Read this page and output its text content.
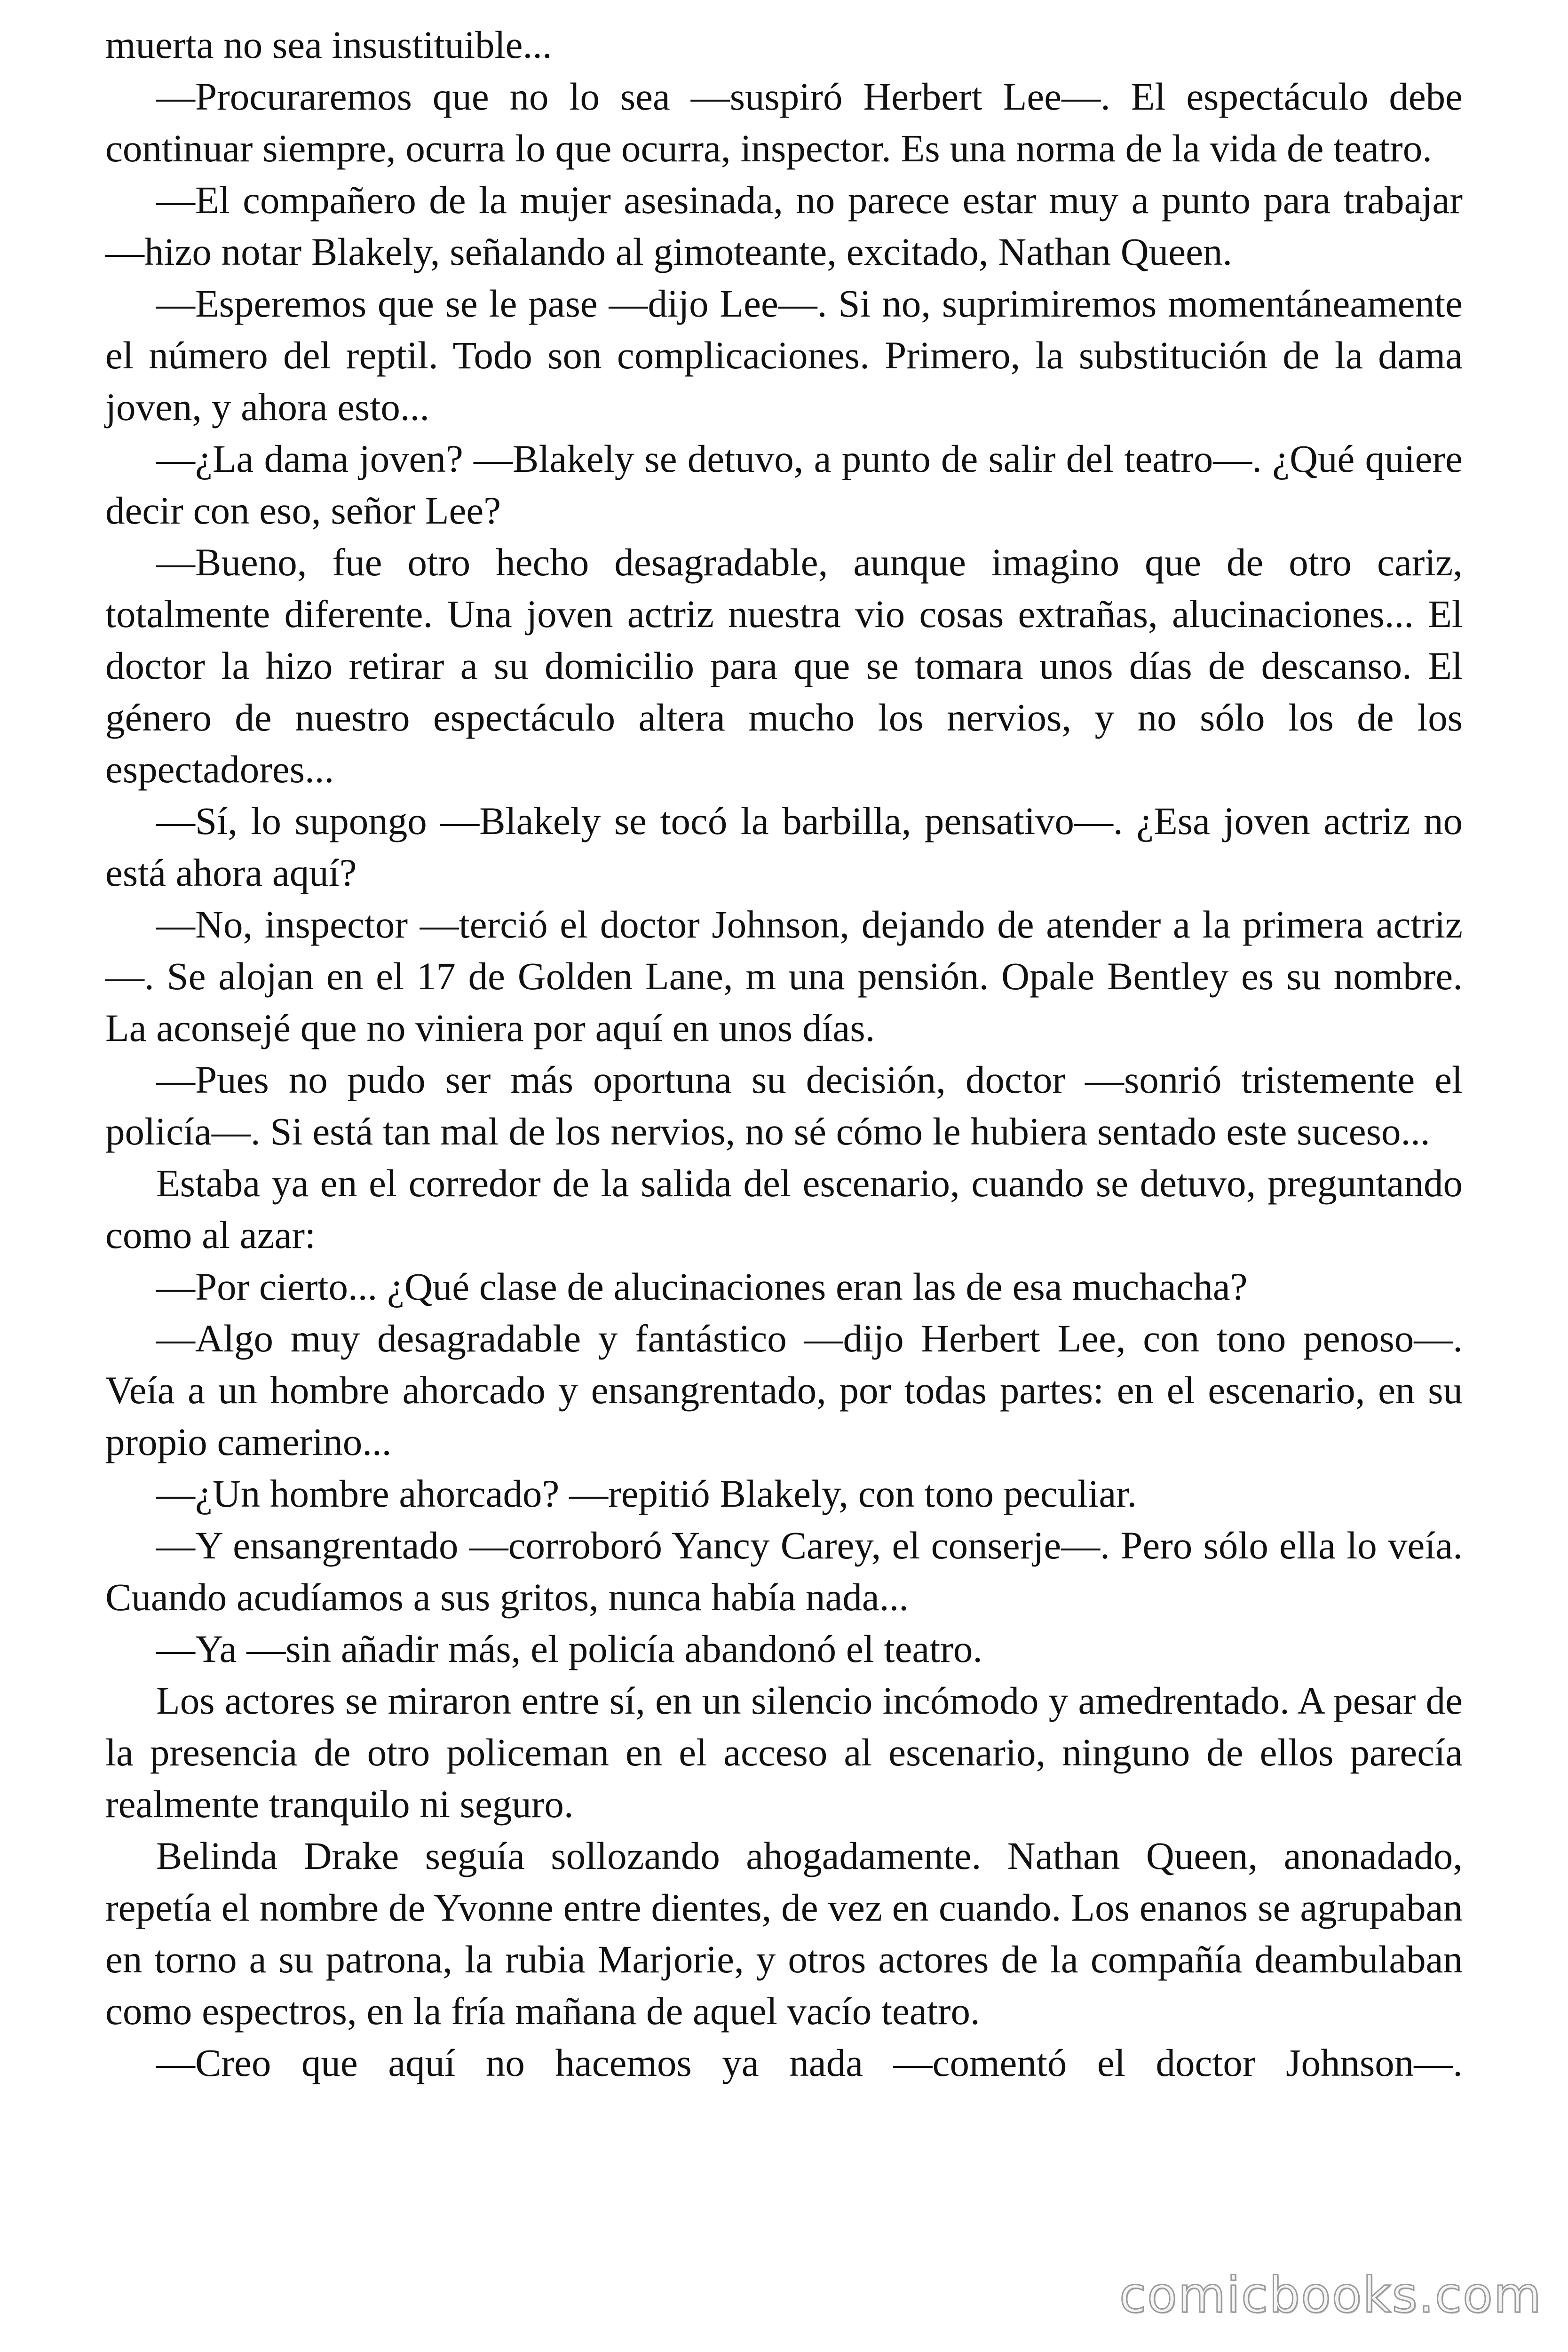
muerta no sea insustituible...

—Procuraremos que no lo sea —suspiró Herbert Lee—. El espectáculo debe continuar siempre, ocurra lo que ocurra, inspector. Es una norma de la vida de teatro.

—El compañero de la mujer asesinada, no parece estar muy a punto para trabajar —hizo notar Blakely, señalando al gimoteante, excitado, Nathan Queen.

—Esperemos que se le pase —dijo Lee—. Si no, suprimiremos momentáneamente el número del reptil. Todo son complicaciones. Primero, la substitución de la dama joven, y ahora esto...

—¿La dama joven? —Blakely se detuvo, a punto de salir del teatro—. ¿Qué quiere decir con eso, señor Lee?

—Bueno, fue otro hecho desagradable, aunque imagino que de otro cariz, totalmente diferente. Una joven actriz nuestra vio cosas extrañas, alucinaciones... El doctor la hizo retirar a su domicilio para que se tomara unos días de descanso. El género de nuestro espectáculo altera mucho los nervios, y no sólo los de los espectadores...

—Sí, lo supongo —Blakely se tocó la barbilla, pensativo—. ¿Esa joven actriz no está ahora aquí?

—No, inspector —terció el doctor Johnson, dejando de atender a la primera actriz—. Se alojan en el 17 de Golden Lane, m una pensión. Opale Bentley es su nombre. La aconsejé que no viniera por aquí en unos días.

—Pues no pudo ser más oportuna su decisión, doctor —sonrió tristemente el policía—. Si está tan mal de los nervios, no sé cómo le hubiera sentado este suceso...

Estaba ya en el corredor de la salida del escenario, cuando se detuvo, preguntando como al azar:

—Por cierto... ¿Qué clase de alucinaciones eran las de esa muchacha?

—Algo muy desagradable y fantástico —dijo Herbert Lee, con tono penoso—. Veía a un hombre ahorcado y ensangrentado, por todas partes: en el escenario, en su propio camerino...

—¿Un hombre ahorcado? —repitió Blakely, con tono peculiar.

—Y ensangrentado —corroboró Yancy Carey, el conserje—. Pero sólo ella lo veía. Cuando acudíamos a sus gritos, nunca había nada...

—Ya —sin añadir más, el policía abandonó el teatro.

Los actores se miraron entre sí, en un silencio incómodo y amedrentado. A pesar de la presencia de otro policeman en el acceso al escenario, ninguno de ellos parecía realmente tranquilo ni seguro.

Belinda Drake seguía sollozando ahogadamente. Nathan Queen, anonadado, repetía el nombre de Yvonne entre dientes, de vez en cuando. Los enanos se agrupaban en torno a su patrona, la rubia Marjorie, y otros actores de la compañía deambulaban como espectros, en la fría mañana de aquel vacío teatro.

—Creo que aquí no hacemos ya nada —comentó el doctor Johnson—.

comicbooks.com
